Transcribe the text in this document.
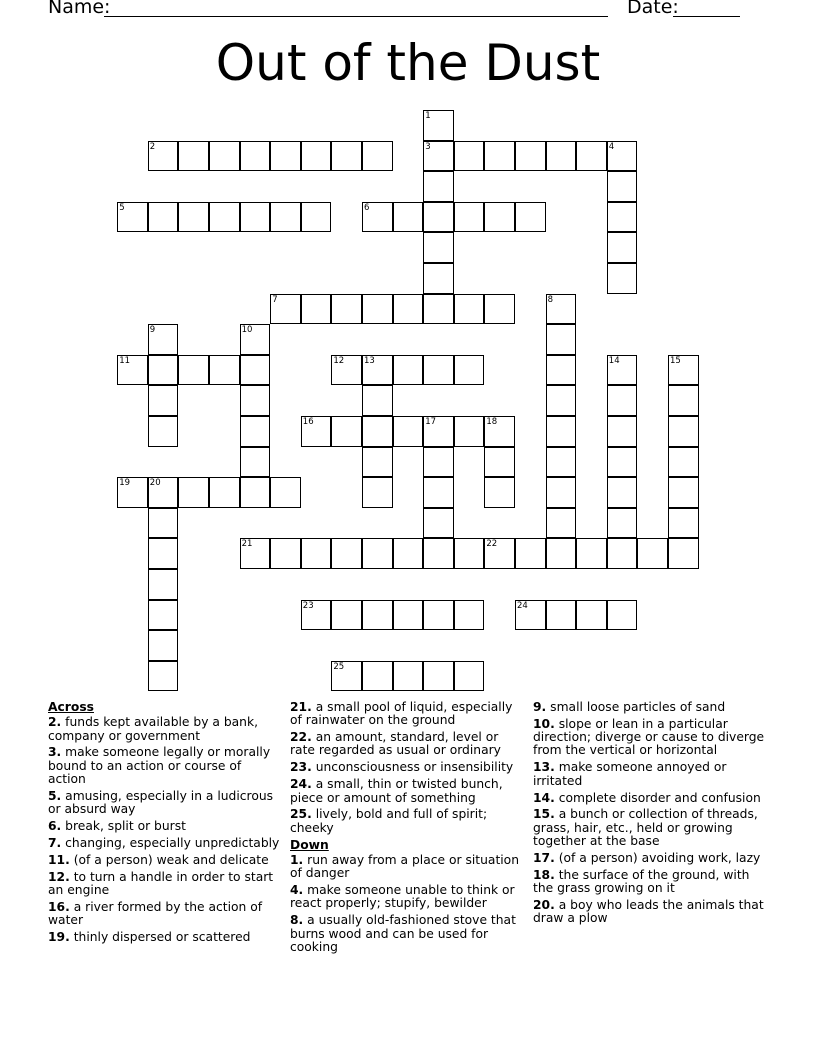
Name:	Date:
Out of the Dust
1
3
2	4
5	6
7	8
9	10
11	12 13	14	15
16	17	18
19 20
21	22
23	24
25
Across
2. funds kept available by a bank, company or government
3. make someone legally or morally bound to an action or course of action
5. amusing, especially in a ludicrous or absurd way
6. break, split or burst
7. changing, especially unpredictably
11. (of a person) weak and delicate
12. to turn a handle in order to start an engine
16. a river formed by the action of water
19. thinly dispersed or scattered
21. a small pool of liquid, especially of rainwater on the ground
22. an amount, standard, level or rate regarded as usual or ordinary
23. unconsciousness or insensibility
24. a small, thin or twisted bunch, piece or amount of something
25. lively, bold and full of spirit; cheeky
Down
1. run away from a place or situation of danger
4. make someone unable to think or react properly; stupify, bewilder
8. a usually old-fashioned stove that burns wood and can be used for cooking
9. small loose particles of sand
10. slope or lean in a particular direction; diverge or cause to diverge from the vertical or horizontal
13. make someone annoyed or irritated
14. complete disorder and confusion
15. a bunch or collection of threads, grass, hair, etc., held or growing together at the base
17. (of a person) avoiding work, lazy
18. the surface of the ground, with the grass growing on it
20. a boy who leads the animals that draw a plow
